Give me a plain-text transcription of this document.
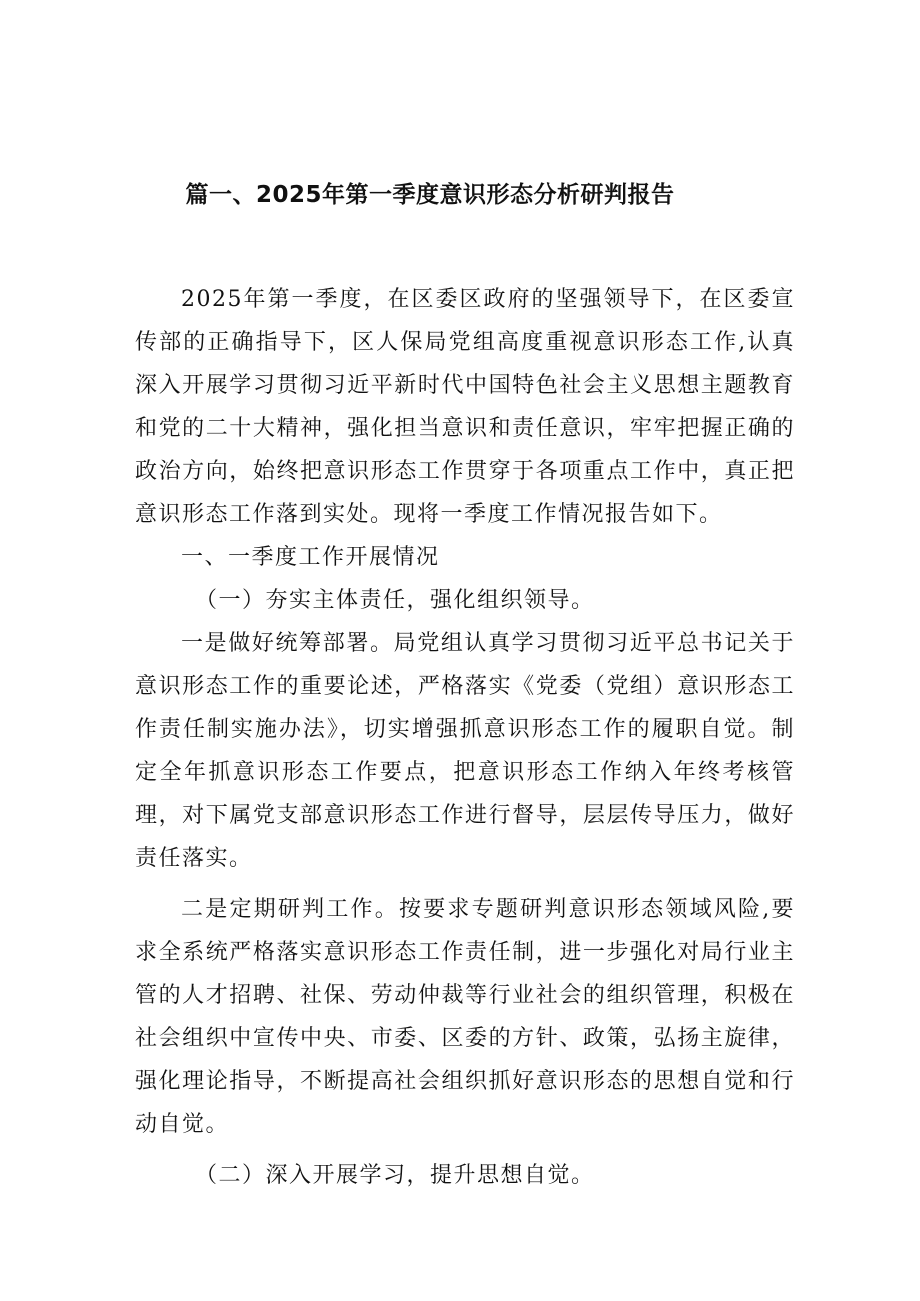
篇一、2025年第一季度意识形态分析研判报告

2025年第一季度，在区委区政府的坚强领导下，在区委宣传部的正确指导下，区人保局党组高度重视意识形态工作,认真深入开展学习贯彻习近平新时代中国特色社会主义思想主题教育和党的二十大精神，强化担当意识和责任意识，牢牢把握正确的政治方向，始终把意识形态工作贯穿于各项重点工作中，真正把意识形态工作落到实处。现将一季度工作情况报告如下。

一、一季度工作开展情况

（一）夯实主体责任，强化组织领导。

一是做好统筹部署。局党组认真学习贯彻习近平总书记关于意识形态工作的重要论述，严格落实《党委（党组）意识形态工作责任制实施办法》，切实增强抓意识形态工作的履职自觉。制定全年抓意识形态工作要点，把意识形态工作纳入年终考核管理，对下属党支部意识形态工作进行督导，层层传导压力，做好责任落实。

二是定期研判工作。按要求专题研判意识形态领域风险,要求全系统严格落实意识形态工作责任制，进一步强化对局行业主管的人才招聘、社保、劳动仲裁等行业社会的组织管理，积极在社会组织中宣传中央、市委、区委的方针、政策，弘扬主旋律，强化理论指导，不断提高社会组织抓好意识形态的思想自觉和行动自觉。

（二）深入开展学习，提升思想自觉。
